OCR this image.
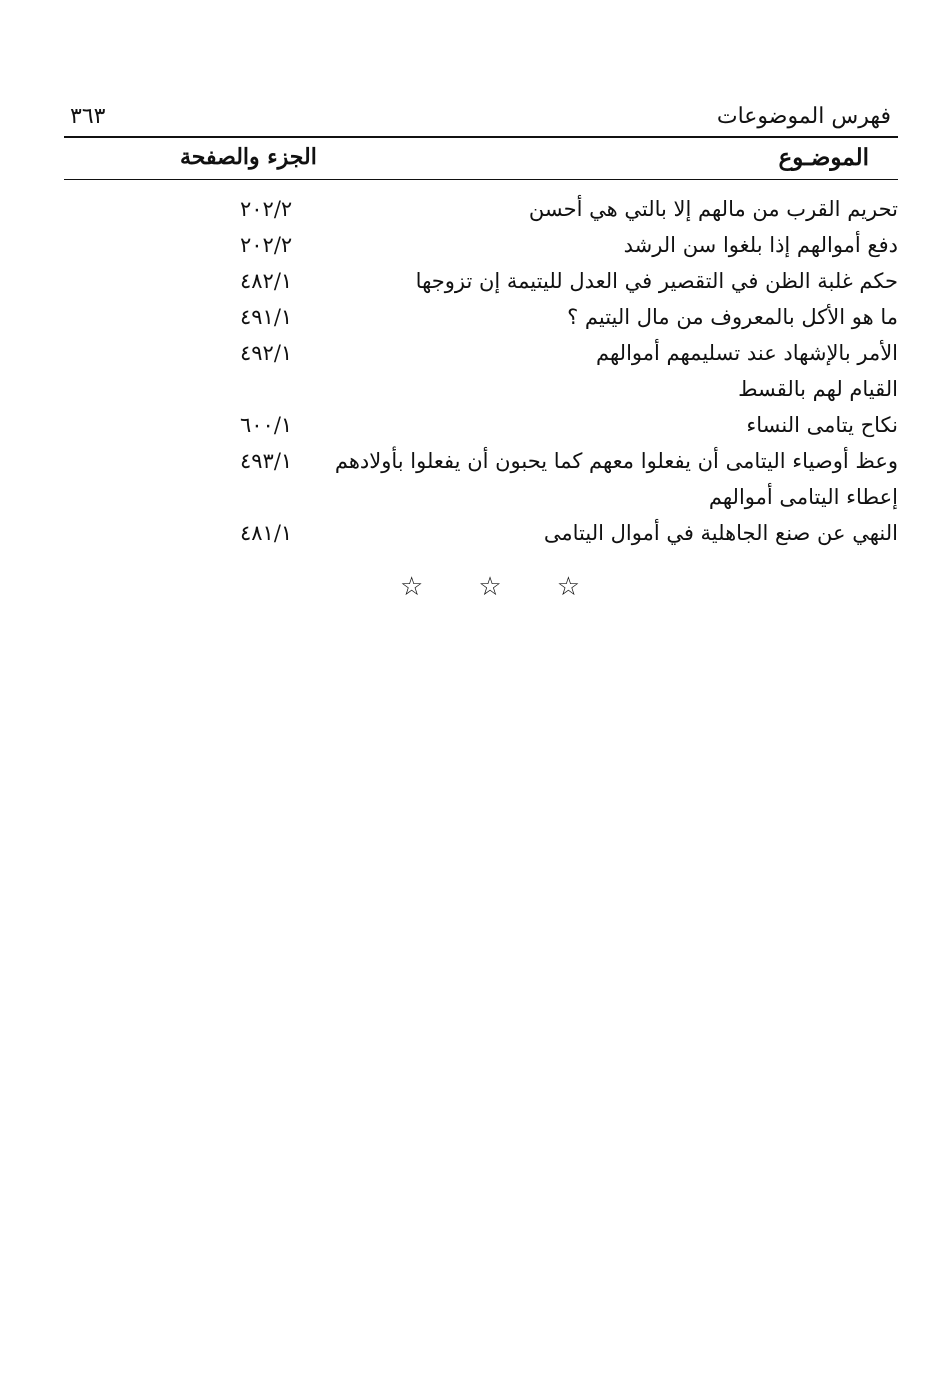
فهرس الموضوعات
٣٦٣
الموضـوع
الجزء والصفحة
تحريم القرب من مالهم إلا بالتي هي أحسن
٢٠٢/٢
دفع أموالهم إذا بلغوا سن الرشد
٢٠٢/٢
حكم غلبة الظن في التقصير في العدل لليتيمة إن تزوجها
٤٨٢/١
ما هو الأكل بالمعروف من مال اليتيم ؟
٤٩١/١
الأمر بالإشهاد عند تسليمهم أموالهم
٤٩٢/١
القيام لهم بالقسط
نكاح يتامى النساء
٦٠٠/١
وعظ أوصياء اليتامى أن يفعلوا معهم كما يحبون أن يفعلوا بأولادهم
٤٩٣/١
إعطاء اليتامى أموالهم
النهي عن صنع الجاهلية في أموال اليتامى
٤٨١/١
☆ ☆ ☆
